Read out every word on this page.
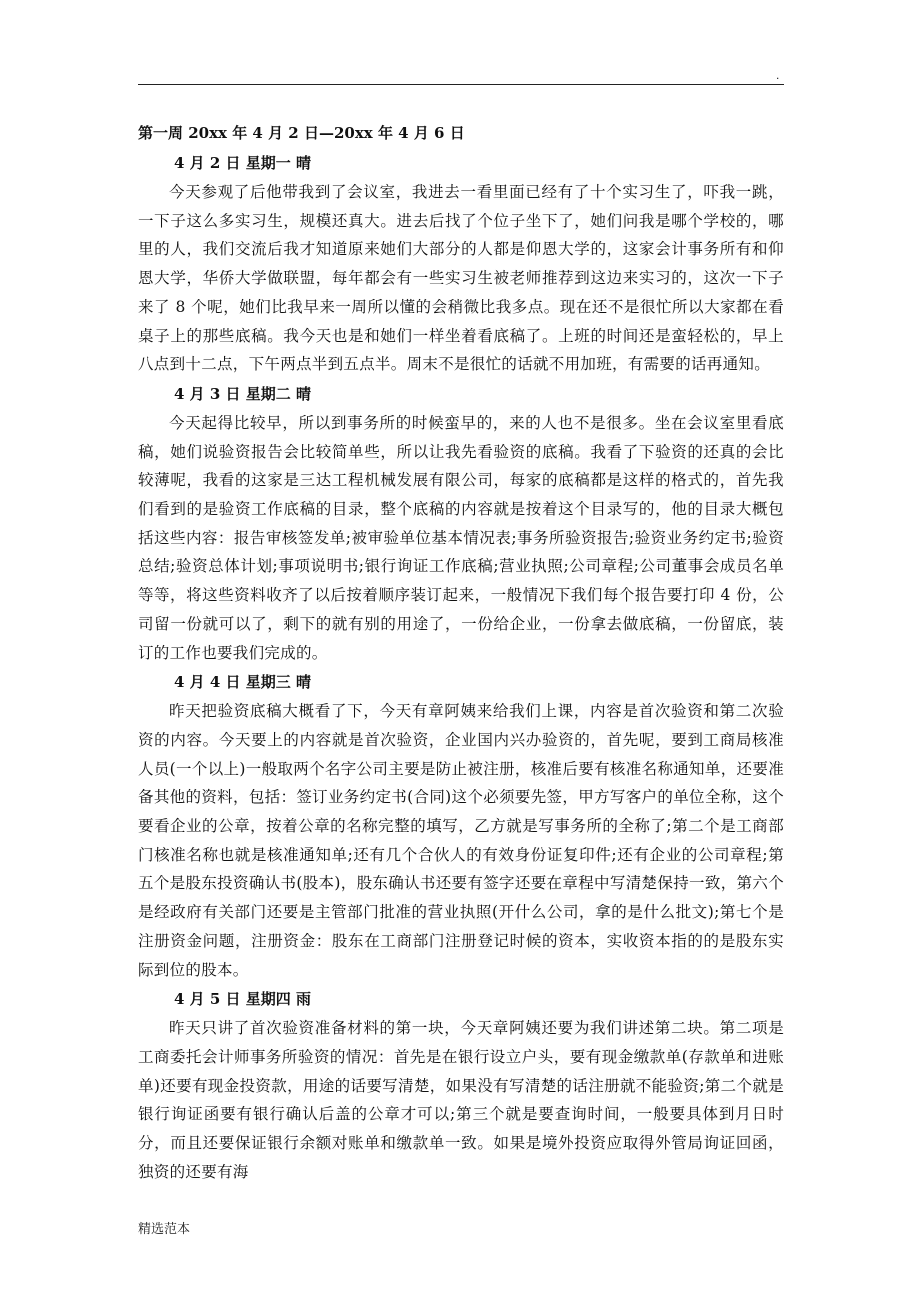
.

第一周 20xx 年 4 月 2 日—20xx 年 4 月 6 日

4 月 2 日 星期一 晴

今天参观了后他带我到了会议室，我进去一看里面已经有了十个实习生了，吓我一跳，一下子这么多实习生，规模还真大。进去后找了个位子坐下了，她们问我是哪个学校的，哪里的人，我们交流后我才知道原来她们大部分的人都是仰恩大学的，这家会计事务所有和仰恩大学，华侨大学做联盟，每年都会有一些实习生被老师推荐到这边来实习的，这次一下子来了 8 个呢，她们比我早来一周所以懂的会稍微比我多点。现在还不是很忙所以大家都在看桌子上的那些底稿。我今天也是和她们一样坐着看底稿了。上班的时间还是蛮轻松的，早上八点到十二点，下午两点半到五点半。周末不是很忙的话就不用加班，有需要的话再通知。

4 月 3 日 星期二 晴

今天起得比较早，所以到事务所的时候蛮早的，来的人也不是很多。坐在会议室里看底稿，她们说验资报告会比较简单些，所以让我先看验资的底稿。我看了下验资的还真的会比较薄呢，我看的这家是三达工程机械发展有限公司，每家的底稿都是这样的格式的，首先我们看到的是验资工作底稿的目录，整个底稿的内容就是按着这个目录写的，他的目录大概包括这些内容：报告审核签发单;被审验单位基本情况表;事务所验资报告;验资业务约定书;验资总结;验资总体计划;事项说明书;银行询证工作底稿;营业执照;公司章程;公司董事会成员名单等等，将这些资料收齐了以后按着顺序装订起来，一般情况下我们每个报告要打印 4 份，公司留一份就可以了，剩下的就有别的用途了，一份给企业，一份拿去做底稿，一份留底，装订的工作也要我们完成的。

4 月 4 日 星期三 晴

昨天把验资底稿大概看了下，今天有章阿姨来给我们上课，内容是首次验资和第二次验资的内容。今天要上的内容就是首次验资，企业国内兴办验资的，首先呢，要到工商局核准人员(一个以上)一般取两个名字公司主要是防止被注册，核准后要有核准名称通知单，还要准备其他的资料，包括：签订业务约定书(合同)这个必须要先签，甲方写客户的单位全称，这个要看企业的公章，按着公章的名称完整的填写，乙方就是写事务所的全称了;第二个是工商部门核准名称也就是核准通知单;还有几个合伙人的有效身份证复印件;还有企业的公司章程;第五个是股东投资确认书(股本)，股东确认书还要有签字还要在章程中写清楚保持一致，第六个是经政府有关部门还要是主管部门批准的营业执照(开什么公司，拿的是什么批文);第七个是注册资金问题，注册资金：股东在工商部门注册登记时候的资本，实收资本指的的是股东实际到位的股本。

4 月 5 日 星期四 雨

昨天只讲了首次验资准备材料的第一块，今天章阿姨还要为我们讲述第二块。第二项是工商委托会计师事务所验资的情况：首先是在银行设立户头，要有现金缴款单(存款单和进账单)还要有现金投资款，用途的话要写清楚，如果没有写清楚的话注册就不能验资;第二个就是银行询证函要有银行确认后盖的公章才可以;第三个就是要查询时间，一般要具体到月日时分，而且还要保证银行余额对账单和缴款单一致。如果是境外投资应取得外管局询证回函，独资的还要有海

精选范本
